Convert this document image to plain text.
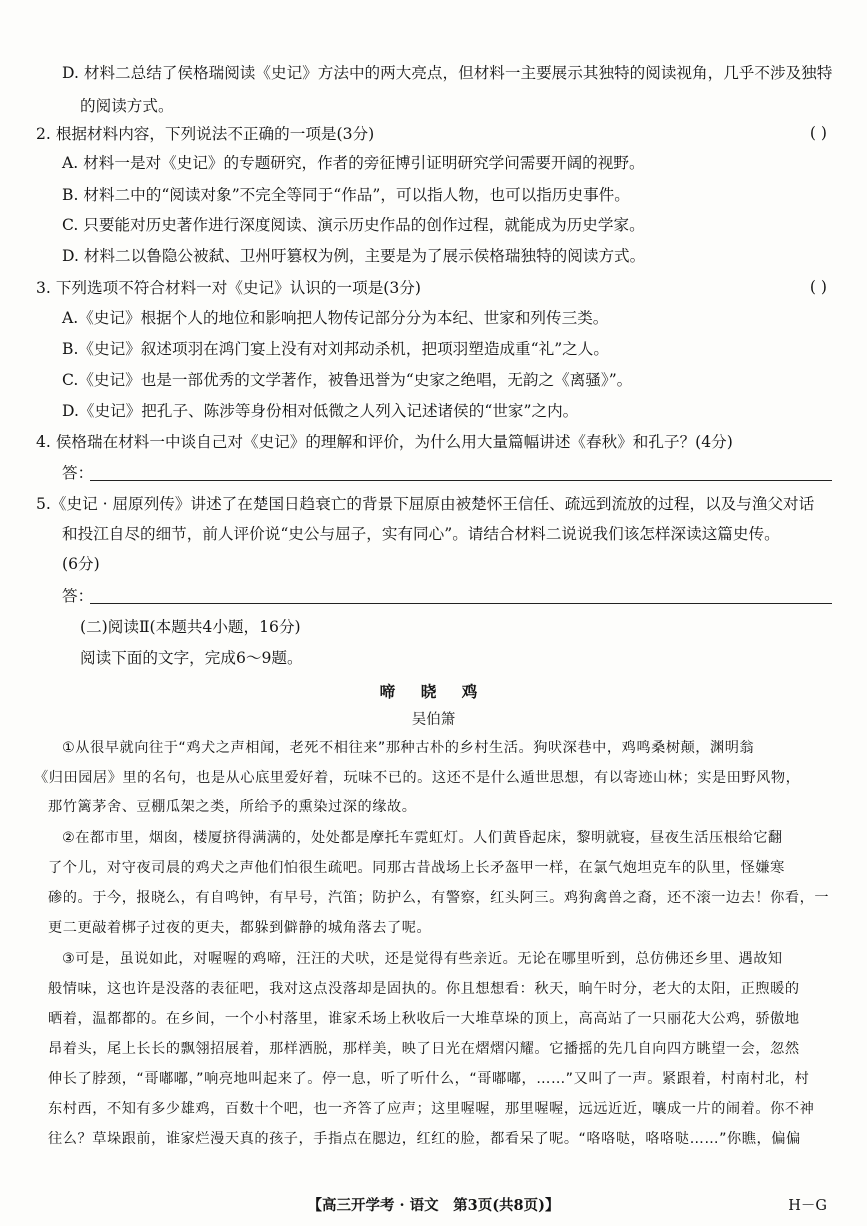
D. 材料二总结了侯格瑞阅读《史记》方法中的两大亮点，但材料一主要展示其独特的阅读视角，几乎不涉及独特
的阅读方式。
2. 根据材料内容，下列说法不正确的一项是(3分)	( )
A. 材料一是对《史记》的专题研究，作者的旁征博引证明研究学问需要开阔的视野。
B. 材料二中的“阅读对象”不完全等同于“作品”，可以指人物，也可以指历史事件。
C. 只要能对历史著作进行深度阅读、演示历史作品的创作过程，就能成为历史学家。
D. 材料二以鲁隐公被弑、卫州吁篡权为例，主要是为了展示侯格瑞独特的阅读方式。
3. 下列选项不符合材料一对《史记》认识的一项是(3分)	( )
A.《史记》根据个人的地位和影响把人物传记部分分为本纪、世家和列传三类。
B.《史记》叙述项羽在鸿门宴上没有对刘邦动杀机，把项羽塑造成重“礼”之人。
C.《史记》也是一部优秀的文学著作，被鲁迅誉为“史家之绝唱，无韵之《离骚》”。
D.《史记》把孔子、陈涉等身份相对低微之人列入记述诸侯的“世家”之内。
4. 侯格瑞在材料一中谈自己对《史记》的理解和评价，为什么用大量篇幅讲述《春秋》和孔子？(4分)
答：
5.《史记 · 屈原列传》讲述了在楚国日趋衰亡的背景下屈原由被楚怀王信任、疏远到流放的过程，以及与渔父对话
和投江自尽的细节，前人评价说“史公与屈子，实有同心”。请结合材料二说说我们该怎样深读这篇史传。
(6分)
答：
(二)阅读Ⅱ(本题共4小题，16分)
阅读下面的文字，完成6～9题。
啼 晓 鸡
吴伯箫
①从很早就向往于“鸡犬之声相闻，老死不相往来”那种古朴的乡村生活。狗吠深巷中，鸡鸣桑树颠，渊明翁
《归田园居》里的名句，也是从心底里爱好着，玩味不已的。这还不是什么遁世思想，有以寄迹山林；实是田野风物，
那竹篱茅舍、豆棚瓜架之类，所给予的熏染过深的缘故。
②在都市里，烟囱，楼厦挤得满满的，处处都是摩托车霓虹灯。人们黄昏起床，黎明就寝，昼夜生活压根给它翻
了个儿，对守夜司晨的鸡犬之声他们怕很生疏吧。同那古昔战场上长矛盔甲一样，在氯气炮坦克车的队里，怪嫌寒
碜的。于今，报晓么，有自鸣钟，有早号，汽笛；防护么，有警察，红头阿三。鸡狗禽兽之裔，还不滚一边去！你看，一
更二更敲着梆子过夜的更夫，都躲到僻静的城角落去了呢。
③可是，虽说如此，对喔喔的鸡啼，汪汪的犬吠，还是觉得有些亲近。无论在哪里听到，总仿佛还乡里、遇故知
般情味，这也许是没落的表征吧，我对这点没落却是固执的。你且想想看：秋天，晌午时分，老大的太阳，正煦暖的
晒着，温都都的。在乡间，一个小村落里，谁家禾场上秋收后一大堆草垛的顶上，高高站了一只丽花大公鸡，骄傲地
昂着头，尾上长长的飘翎招展着，那样洒脱，那样美，映了日光在熠熠闪耀。它播摇的先几自向四方眺望一会，忽然
伸长了脖颈，“哥嘟嘟，”响亮地叫起来了。停一息，听了听什么，“哥嘟嘟，……”又叫了一声。紧跟着，村南村北，村
东村西，不知有多少雄鸡，百数十个吧，也一齐答了应声；这里喔喔，那里喔喔，远远近近，嚷成一片的闹着。你不神
往么？草垛跟前，谁家烂漫天真的孩子，手指点在腮边，红红的脸，都看呆了呢。“咯咯哒，咯咯哒……”你瞧，偏偏
【高三开学考 · 语文　第3页(共8页)】	H－G
